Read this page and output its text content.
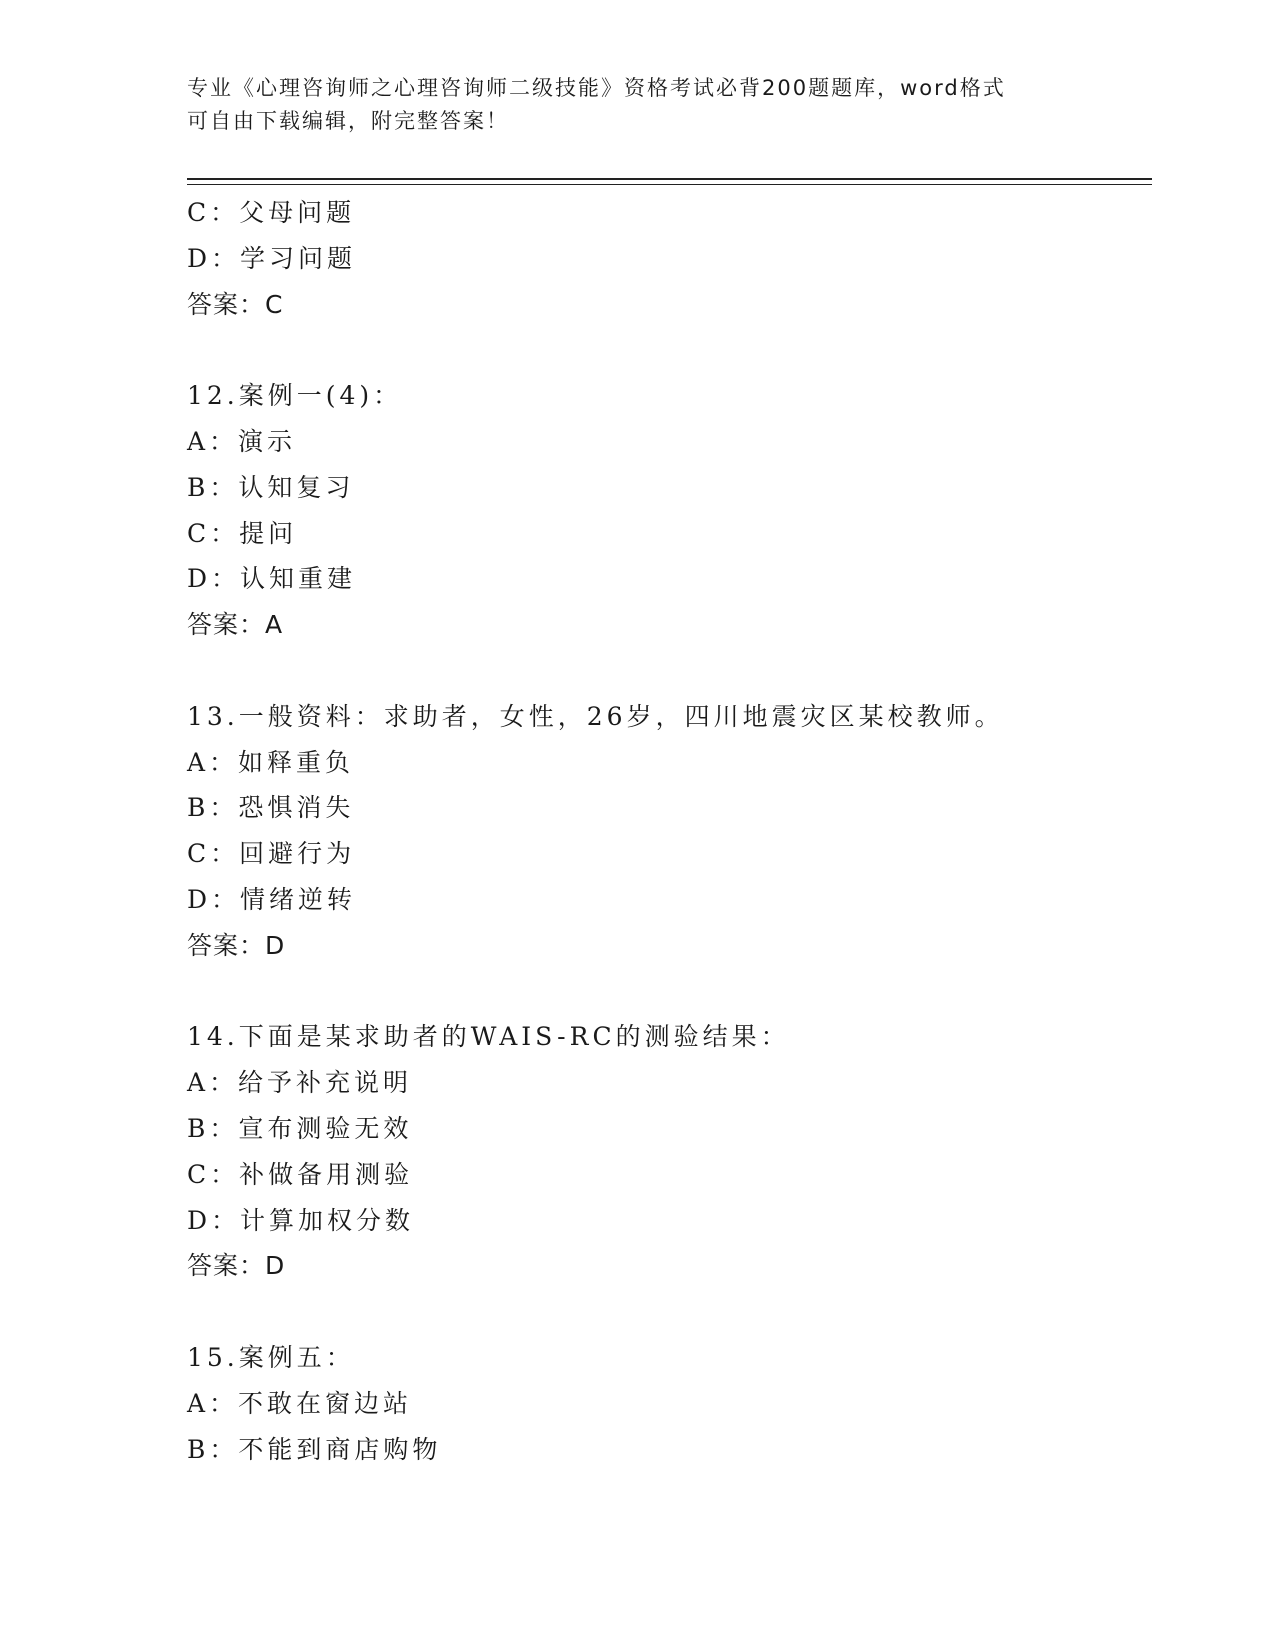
专业《心理咨询师之心理咨询师二级技能》资格考试必背200题题库，word格式
可自由下载编辑，附完整答案！
C：父母问题
D：学习问题
答案：C
12.案例一(4)：
A：演示
B：认知复习
C：提问
D：认知重建
答案：A
13.一般资料：求助者，女性，26岁，四川地震灾区某校教师。
A：如释重负
B：恐惧消失
C：回避行为
D：情绪逆转
答案：D
14.下面是某求助者的WAIS-RC的测验结果：
A：给予补充说明
B：宣布测验无效
C：补做备用测验
D：计算加权分数
答案：D
15.案例五：
A：不敢在窗边站
B：不能到商店购物
